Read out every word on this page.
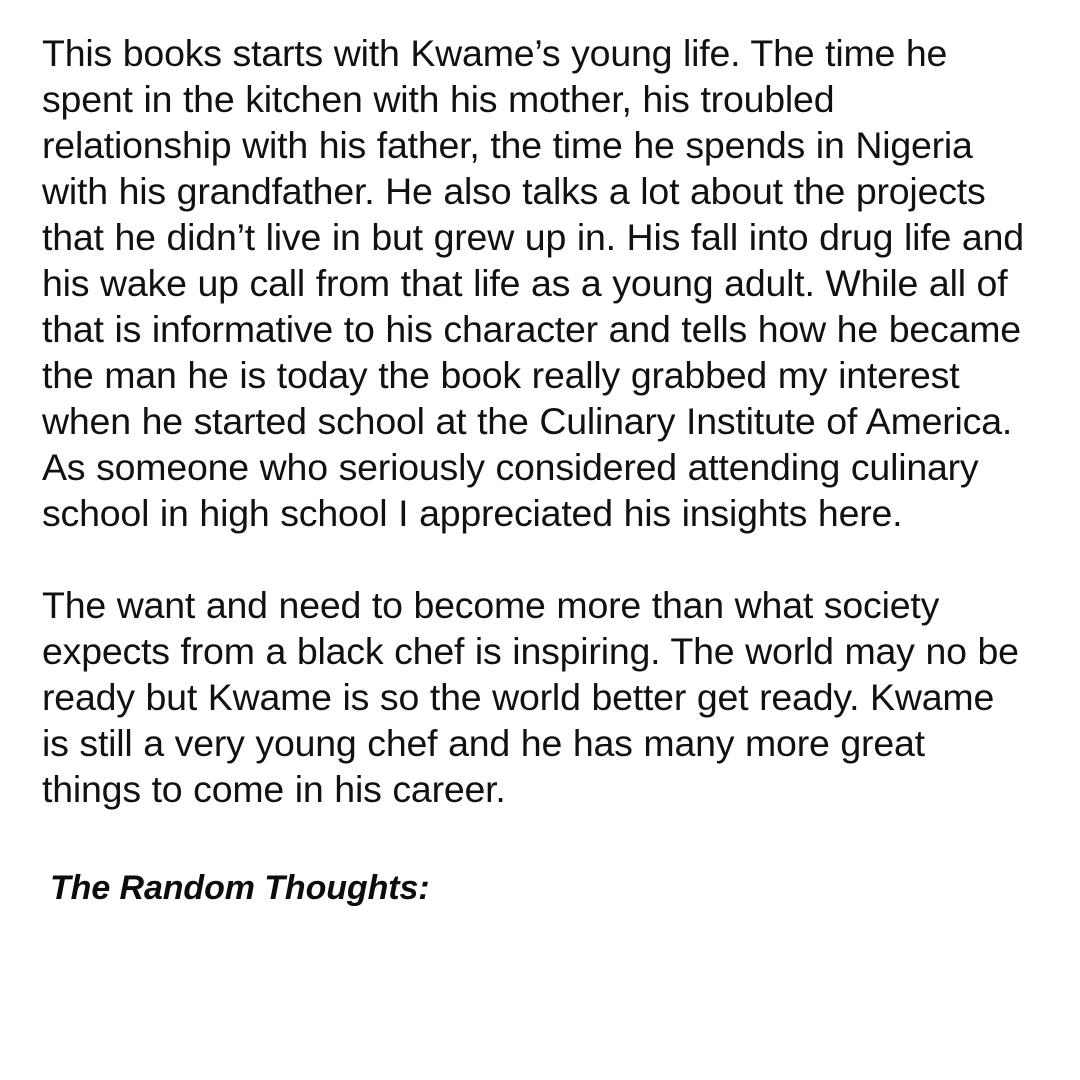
This books starts with Kwame’s young life. The time he spent in the kitchen with his mother, his troubled relationship with his father, the time he spends in Nigeria with his grandfather. He also talks a lot about the projects that he didn’t live in but grew up in. His fall into drug life and his wake up call from that life as a young adult. While all of that is informative to his character and tells how he became the man he is today the book really grabbed my interest when he started school at the Culinary Institute of America. As someone who seriously considered attending culinary school in high school I appreciated his insights here.

The want and need to become more than what society expects from a black chef is inspiring. The world may no be ready but Kwame is so the world better get ready. Kwame is still a very young chef and he has many more great things to come in his career.

The Random Thoughts:
